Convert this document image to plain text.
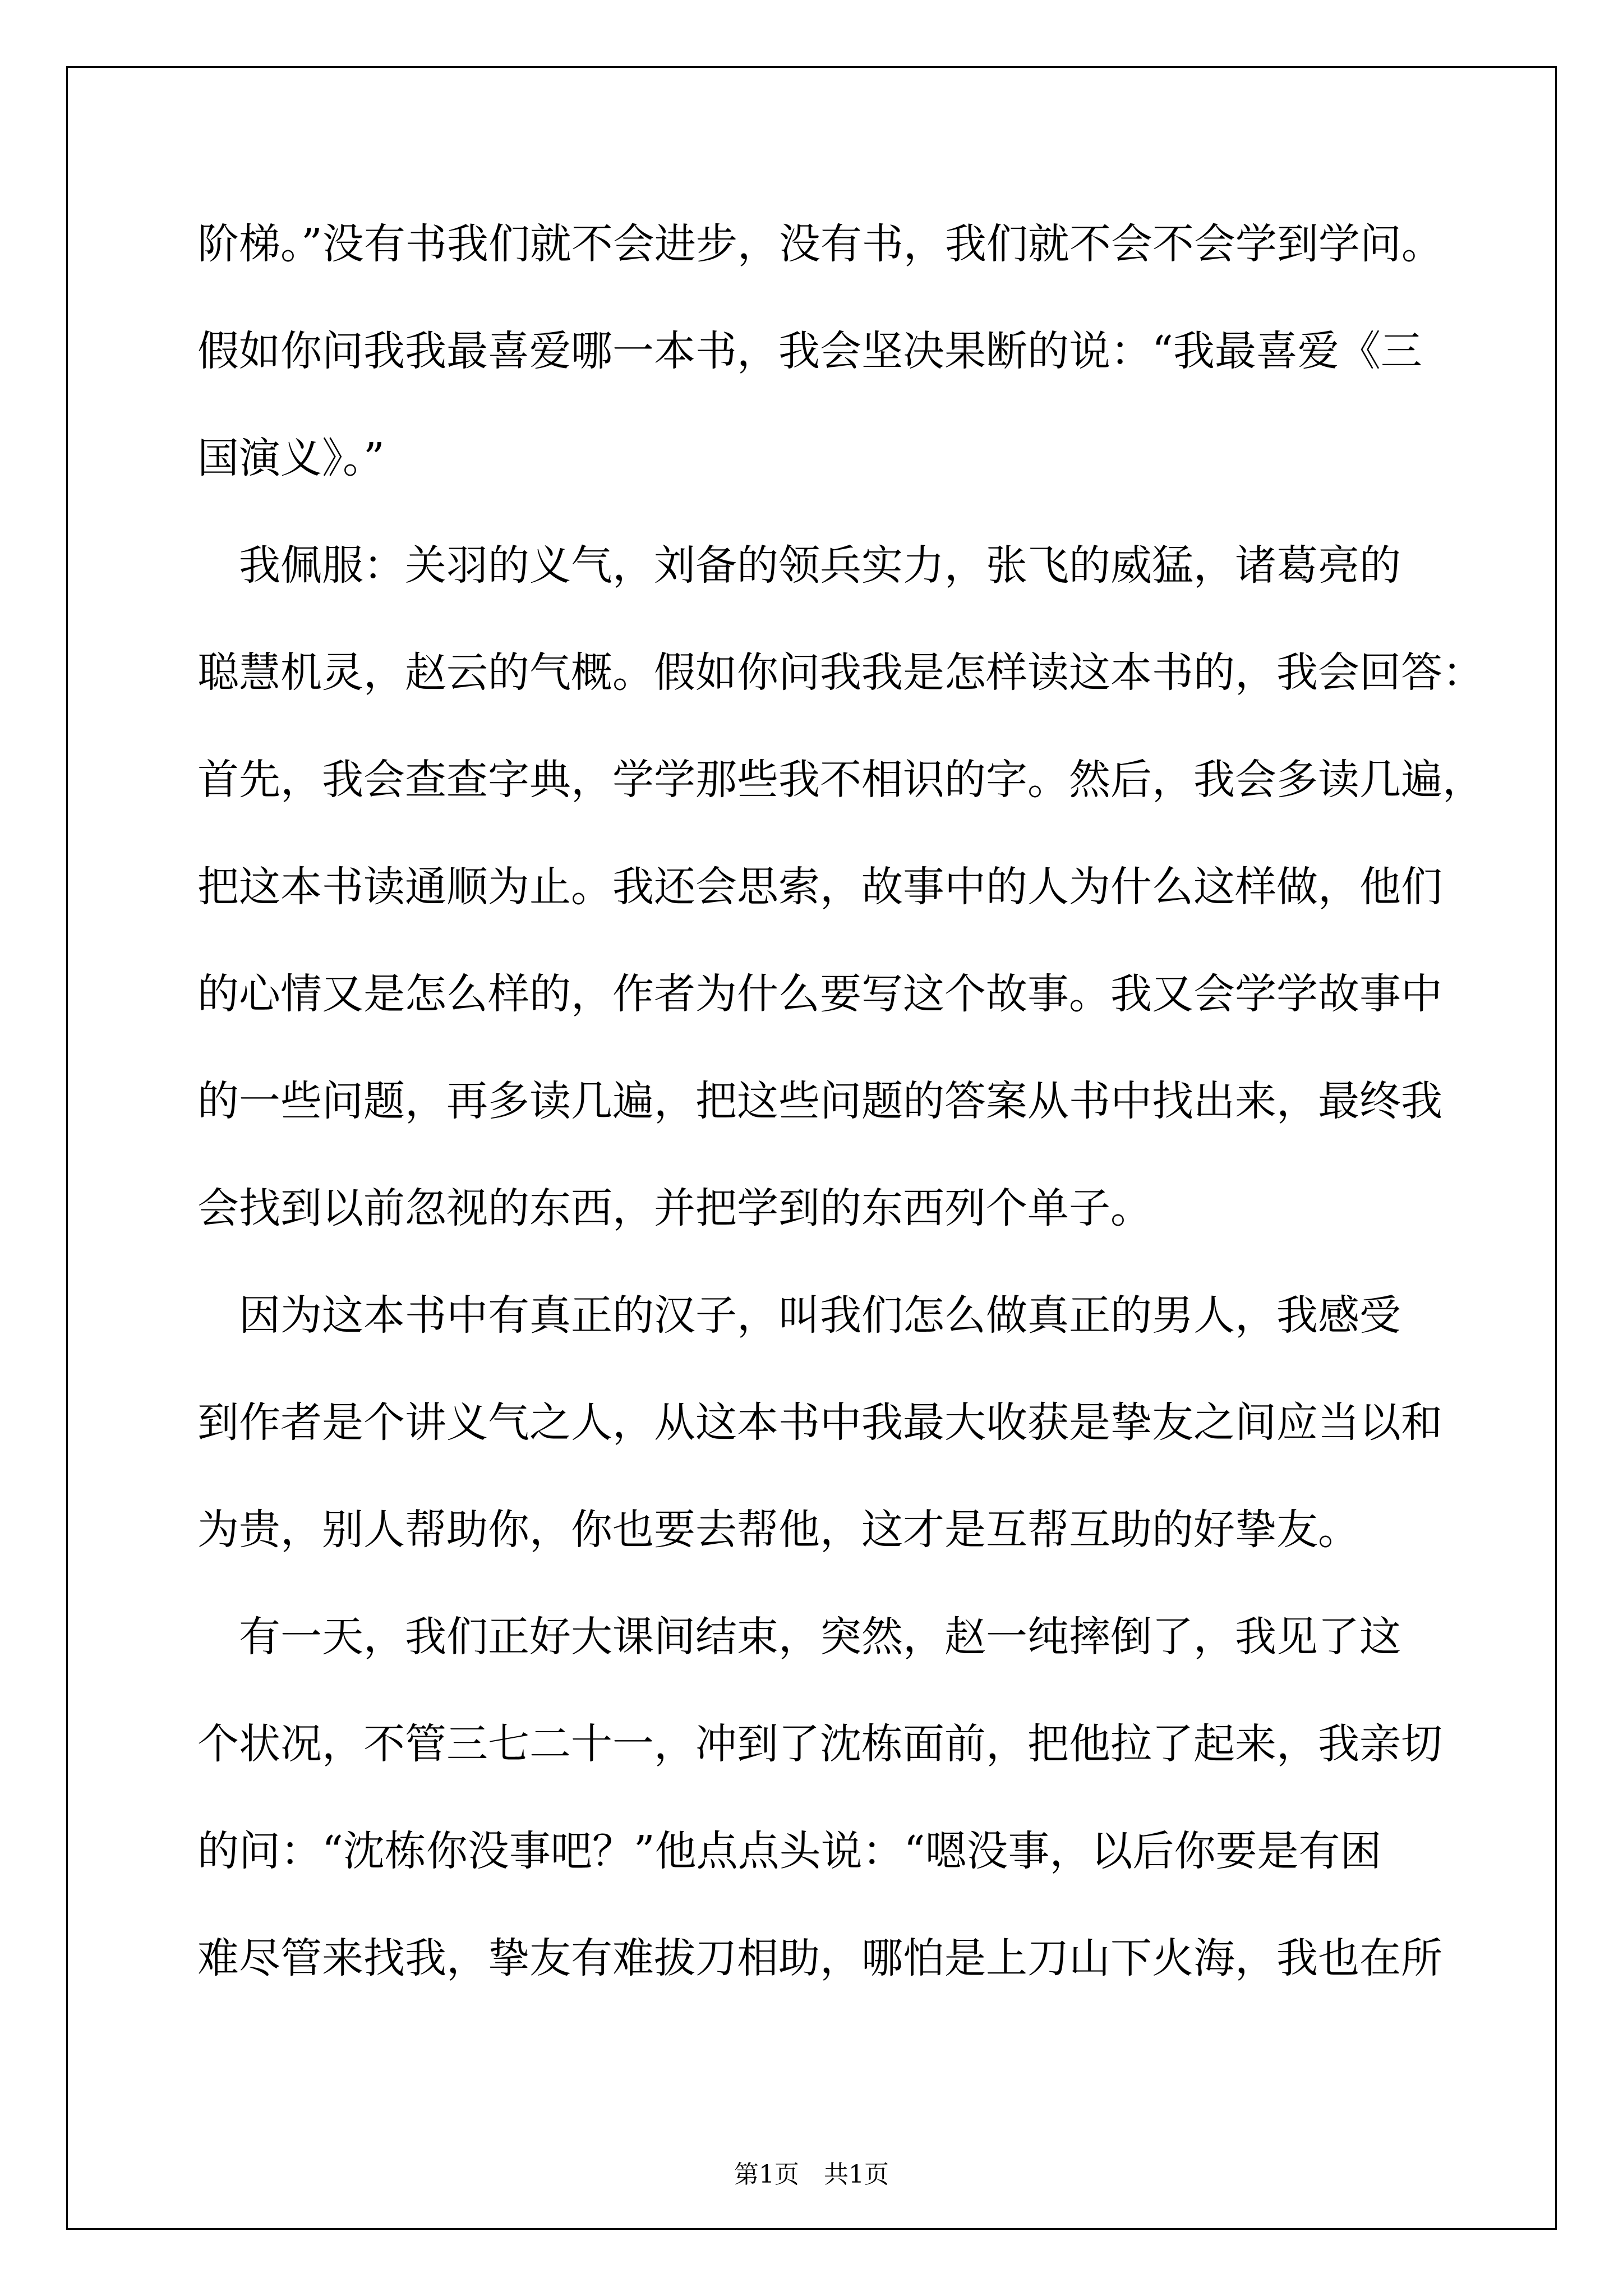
阶梯。”没有书我们就不会进步，没有书，我们就不会不会学到学问。
假如你问我我最喜爱哪一本书，我会坚决果断的说：“我最喜爱《三
国演义》。”
　我佩服：关羽的义气，刘备的领兵实力，张飞的威猛，诸葛亮的
聪慧机灵，赵云的气概。假如你问我我是怎样读这本书的，我会回答：
首先，我会查查字典，学学那些我不相识的字。然后，我会多读几遍，
把这本书读通顺为止。我还会思索，故事中的人为什么这样做，他们
的心情又是怎么样的，作者为什么要写这个故事。我又会学学故事中
的一些问题，再多读几遍，把这些问题的答案从书中找出来，最终我
会找到以前忽视的东西，并把学到的东西列个单子。
　因为这本书中有真正的汉子，叫我们怎么做真正的男人，我感受
到作者是个讲义气之人，从这本书中我最大收获是挚友之间应当以和
为贵，别人帮助你，你也要去帮他，这才是互帮互助的好挚友。
　有一天，我们正好大课间结束，突然，赵一纯摔倒了，我见了这
个状况，不管三七二十一，冲到了沈栋面前，把他拉了起来，我亲切
的问：“沈栋你没事吧？”他点点头说：“嗯没事，以后你要是有困
难尽管来找我，挚友有难拔刀相助，哪怕是上刀山下火海，我也在所
第1页 共1页
